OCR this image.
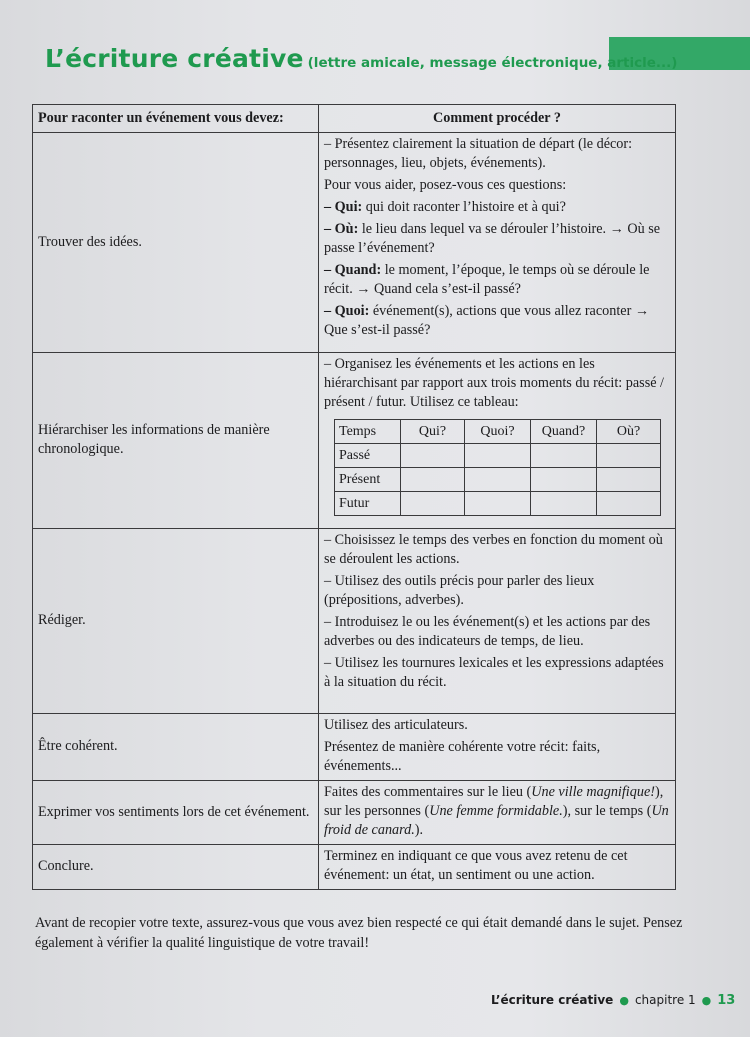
L’écriture créative (lettre amicale, message électronique, article...)
Pour raconter un événement vous devez:	Comment procéder ?
Trouver des idées.	
– Présentez clairement la situation de départ (le décor: personnages, lieu, objets, événements).
Pour vous aider, posez-vous ces questions:
– Qui: qui doit raconter l’histoire et à qui?
– Où: le lieu dans lequel va se dérouler l’histoire. → Où se passe l’événement?
– Quand: le moment, l’époque, le temps où se déroule le récit. → Quand cela s’est-il passé?
– Quoi: événement(s), actions que vous allez raconter → Que s’est-il passé?

Hiérarchiser les informations de manière chronologique.	
– Organisez les événements et les actions en les hiérarchisant par rapport aux trois moments du récit: passé / présent / futur. Utilisez ce tableau:
Temps	Qui?	Quoi?	Quand?	Où?
Passé				
Présent				
Futur				

Rédiger.	
– Choisissez le temps des verbes en fonction du moment où se déroulent les actions.
– Utilisez des outils précis pour parler des lieux (prépositions, adverbes).
– Introduisez le ou les événement(s) et les actions par des adverbes ou des indicateurs de temps, de lieu.
– Utilisez les tournures lexicales et les expressions adaptées à la situation du récit.

Être cohérent.	
Utilisez des articulateurs.
Présentez de manière cohérente votre récit: faits, événements...

Exprimer vos sentiments lors de cet événement.	
Faites des commentaires sur le lieu (Une ville magnifique!), sur les personnes (Une femme formidable.), sur le temps (Un froid de canard.).

Conclure.	
Terminez en indiquant ce que vous avez retenu de cet événement: un état, un sentiment ou une action.
Avant de recopier votre texte, assurez-vous que vous avez bien respecté ce qui était demandé dans le sujet. Pensez également à vérifier la qualité linguistique de votre travail!
L’écriture créative ● chapitre 1 ● 13
